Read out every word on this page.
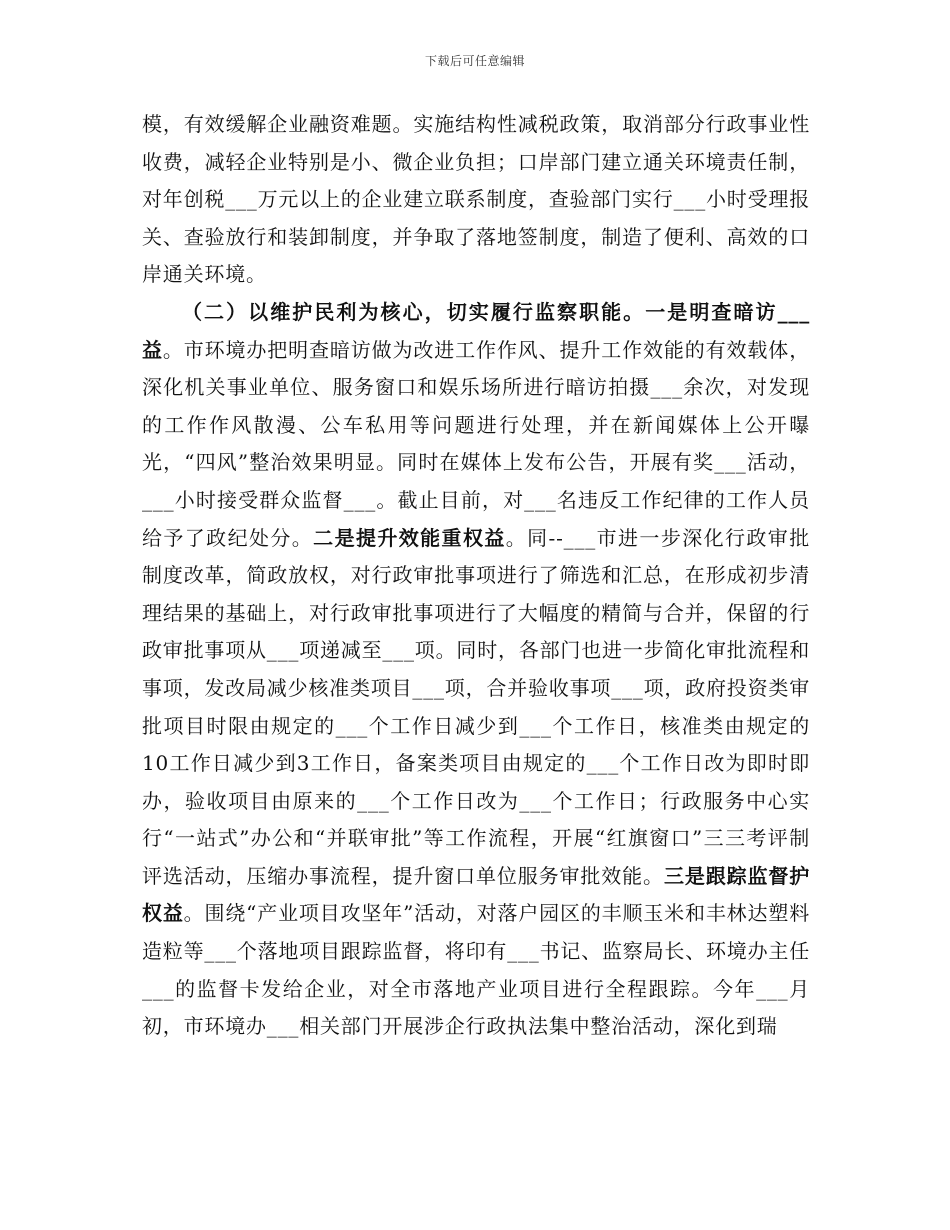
下载后可任意编辑

模，有效缓解企业融资难题。实施结构性减税政策，取消部分行政事业性收费，减轻企业特别是小、微企业负担；口岸部门建立通关环境责任制，对年创税___万元以上的企业建立联系制度，查验部门实行___小时受理报关、查验放行和装卸制度，并争取了落地签制度，制造了便利、高效的口岸通关环境。

（二）以维护民利为核心，切实履行监察职能。一是明查暗访___益。市环境办把明查暗访做为改进工作作风、提升工作效能的有效载体，深化机关事业单位、服务窗口和娱乐场所进行暗访拍摄___余次，对发现的工作作风散漫、公车私用等问题进行处理，并在新闻媒体上公开曝光，“四风”整治效果明显。同时在媒体上发布公告，开展有奖___活动，___小时接受群众监督___。截止目前，对___名违反工作纪律的工作人员给予了政纪处分。二是提升效能重权益。同--___市进一步深化行政审批制度改革，简政放权，对行政审批事项进行了筛选和汇总，在形成初步清理结果的基础上，对行政审批事项进行了大幅度的精简与合并，保留的行政审批事项从___项递减至___项。同时，各部门也进一步简化审批流程和事项，发改局减少核准类项目___项，合并验收事项___项，政府投资类审批项目时限由规定的___个工作日减少到___个工作日，核准类由规定的10工作日减少到3工作日，备案类项目由规定的___个工作日改为即时即办，验收项目由原来的___个工作日改为___个工作日；行政服务中心实行“一站式”办公和“并联审批”等工作流程，开展“红旗窗口”三三考评制评选活动，压缩办事流程，提升窗口单位服务审批效能。三是跟踪监督护权益。围绕“产业项目攻坚年”活动，对落户园区的丰顺玉米和丰林达塑料造粒等___个落地项目跟踪监督，将印有___书记、监察局长、环境办主任___的监督卡发给企业，对全市落地产业项目进行全程跟踪。今年___月初，市环境办___相关部门开展涉企行政执法集中整治活动，深化到瑞
